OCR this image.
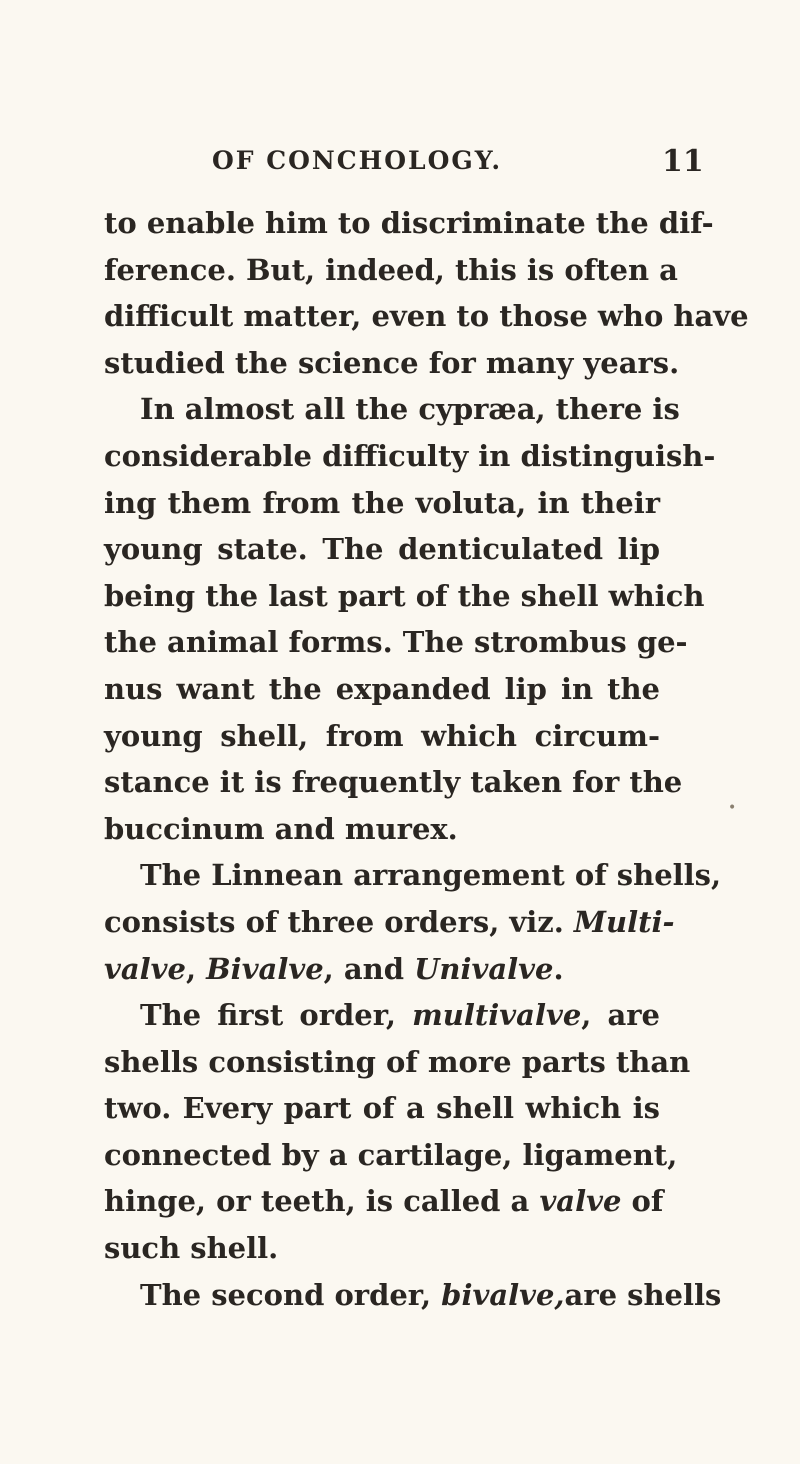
OF CONCHOLOGY.	11
to enable him to discriminate the dif-
ference. But, indeed, this is often a
difficult matter, even to those who have
studied the science for many years.
In almost all the cypræa, there is
considerable difficulty in distinguish-
ing them from the voluta, in their
young state. The denticulated lip
being the last part of the shell which
the animal forms. The strombus ge-
nus want the expanded lip in the
young shell, from which circum-
stance it is frequently taken for the
buccinum and murex.
The Linnean arrangement of shells,
consists of three orders, viz. Multi-
valve, Bivalve, and Univalve.
The first order, multivalve, are
shells consisting of more parts than
two. Every part of a shell which is
connected by a cartilage, ligament,
hinge, or teeth, is called a valve of
such shell.
The second order, bivalve,are shells
•
